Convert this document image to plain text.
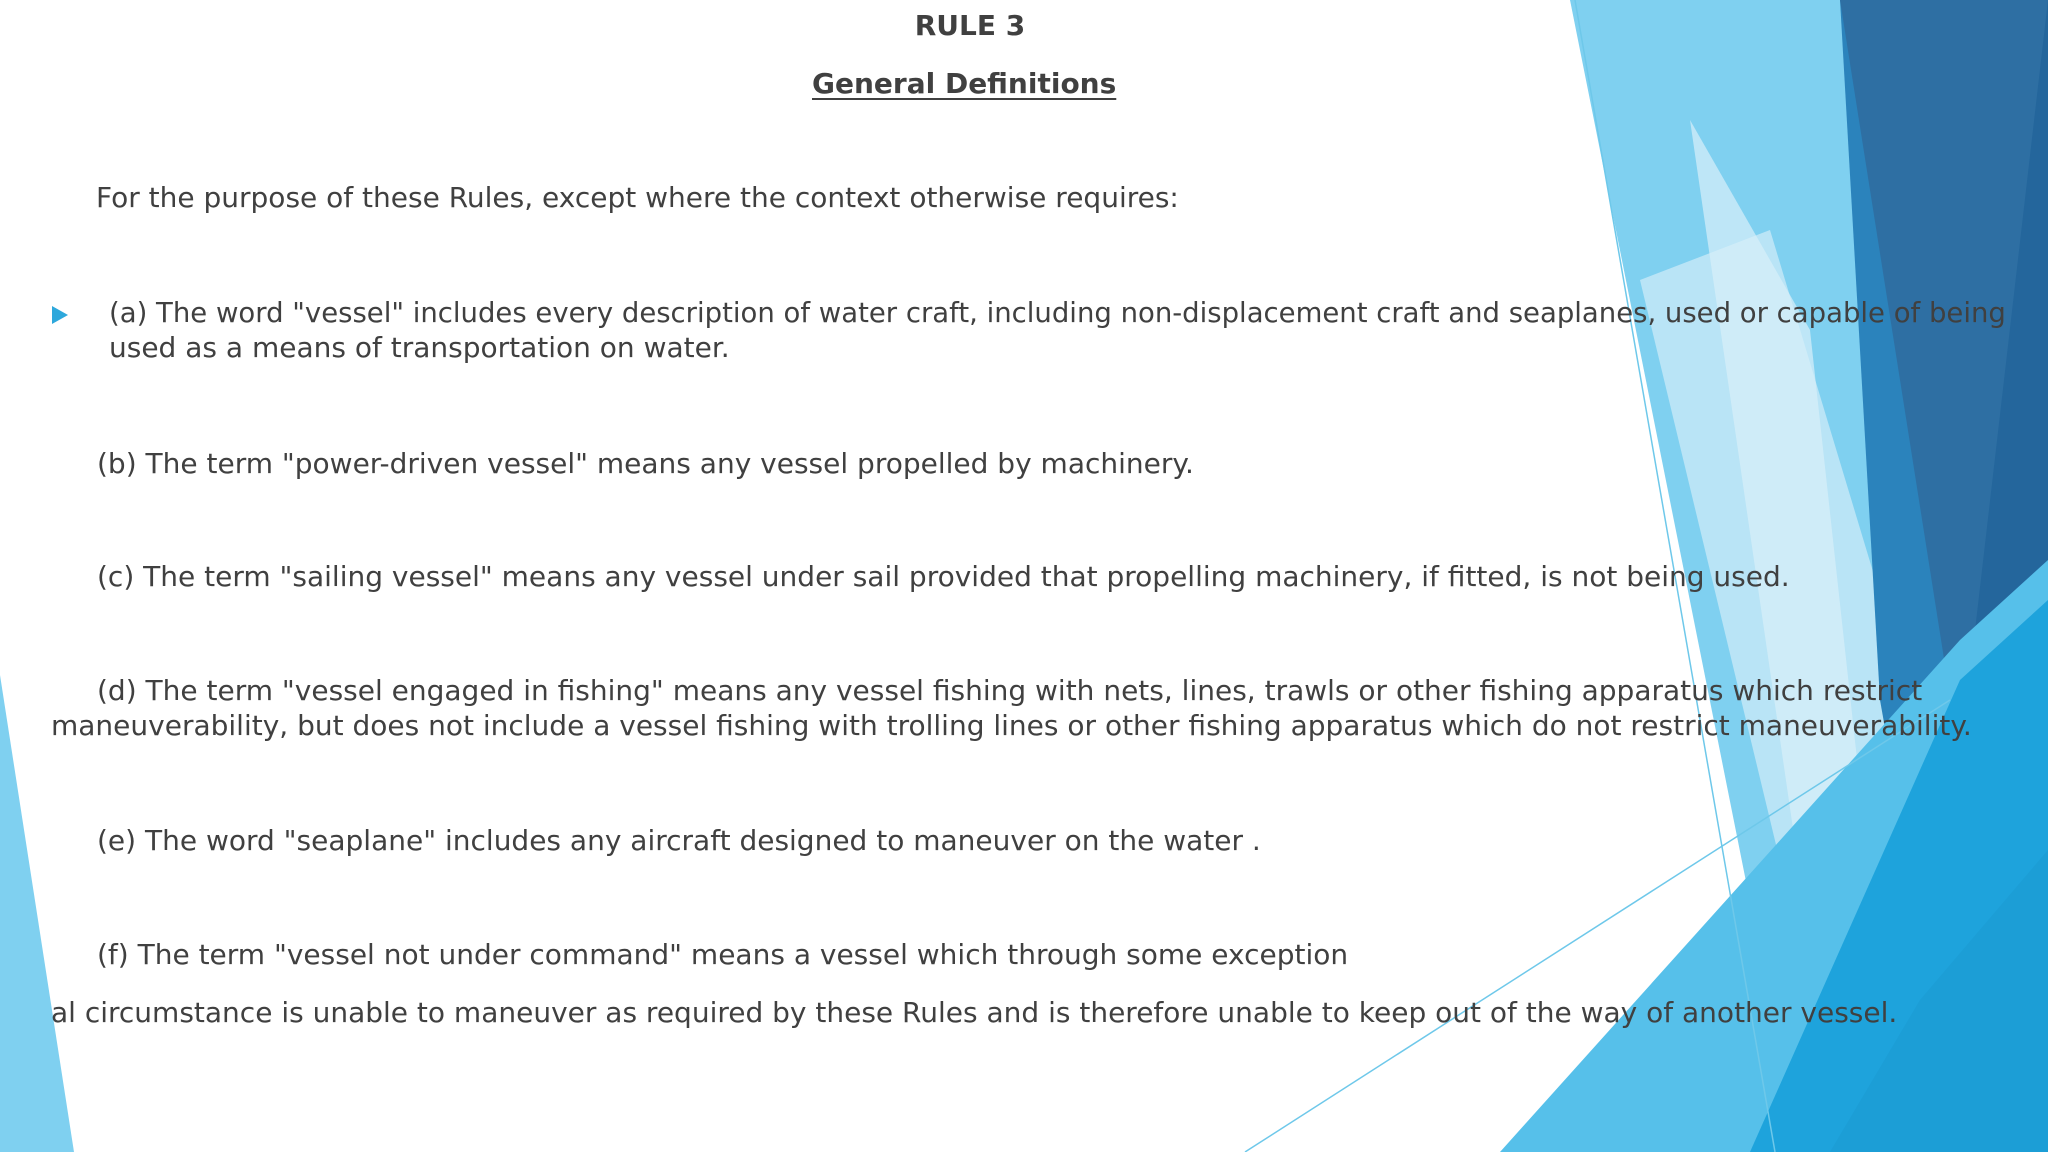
RULE 3
General Definitions
For the purpose of these Rules, except where the context otherwise requires:
(a) The word "vessel" includes every description of water craft, including non-displacement craft and seaplanes, used or capable of being
used as a means of transportation on water.
(b) The term "power-driven vessel" means any vessel propelled by machinery.
(c) The term "sailing vessel" means any vessel under sail provided that propelling machinery, if fitted, is not being used.
(d) The term "vessel engaged in fishing" means any vessel fishing with nets, lines, trawls or other fishing apparatus which restrict
maneuverability, but does not include a vessel fishing with trolling lines or other fishing apparatus which do not restrict maneuverability.
(e) The word "seaplane" includes any aircraft designed to maneuver on the water .
(f) The term "vessel not under command" means a vessel which through some exception
al circumstance is unable to maneuver as required by these Rules and is therefore unable to keep out of the way of another vessel.
